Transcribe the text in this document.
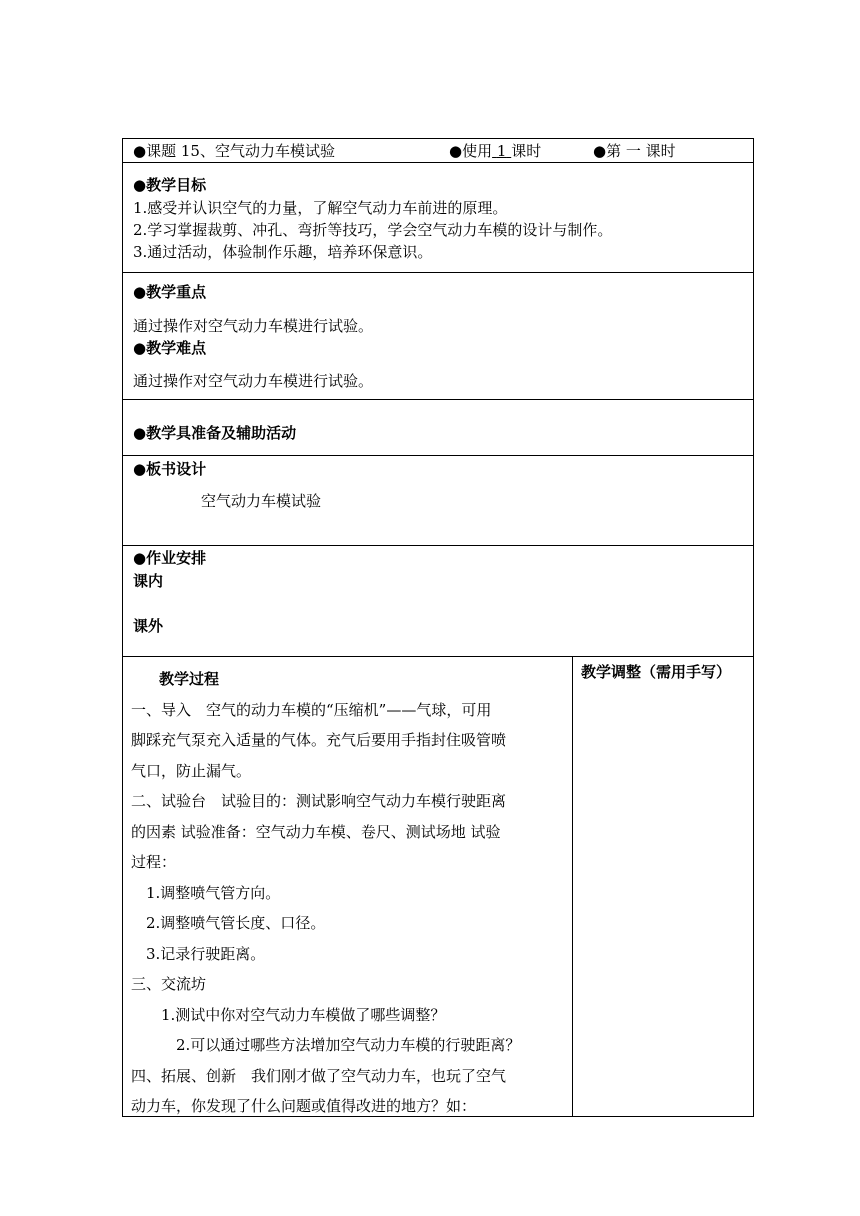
●课题 15、空气动力车模试验	●使用 1 课时	●第 一 课时
●教学目标
1.感受并认识空气的力量，了解空气动力车前进的原理。
2.学习掌握裁剪、冲孔、弯折等技巧，学会空气动力车模的设计与制作。
3.通过活动，体验制作乐趣，培养环保意识。
●教学重点
通过操作对空气动力车模进行试验。
●教学难点
通过操作对空气动力车模进行试验。
●教学具准备及辅助活动
●板书设计
空气动力车模试验
●作业安排
课内
课外
教学过程	教学调整（需用手写）
一、导入　空气的动力车模的“压缩机”——气球，可用
脚踩充气泵充入适量的气体。充气后要用手指封住吸管喷
气口，防止漏气。
二、试验台　试验目的：测试影响空气动力车模行驶距离
的因素 试验准备：空气动力车模、卷尺、测试场地 试验
过程：
　1.调整喷气管方向。
　2.调整喷气管长度、口径。
　3.记录行驶距离。
三、交流坊
　　1.测试中你对空气动力车模做了哪些调整？
　　　2.可以通过哪些方法增加空气动力车模的行驶距离？
四、拓展、创新　我们刚才做了空气动力车，也玩了空气
动力车，你发现了什么问题或值得改进的地方？如：
